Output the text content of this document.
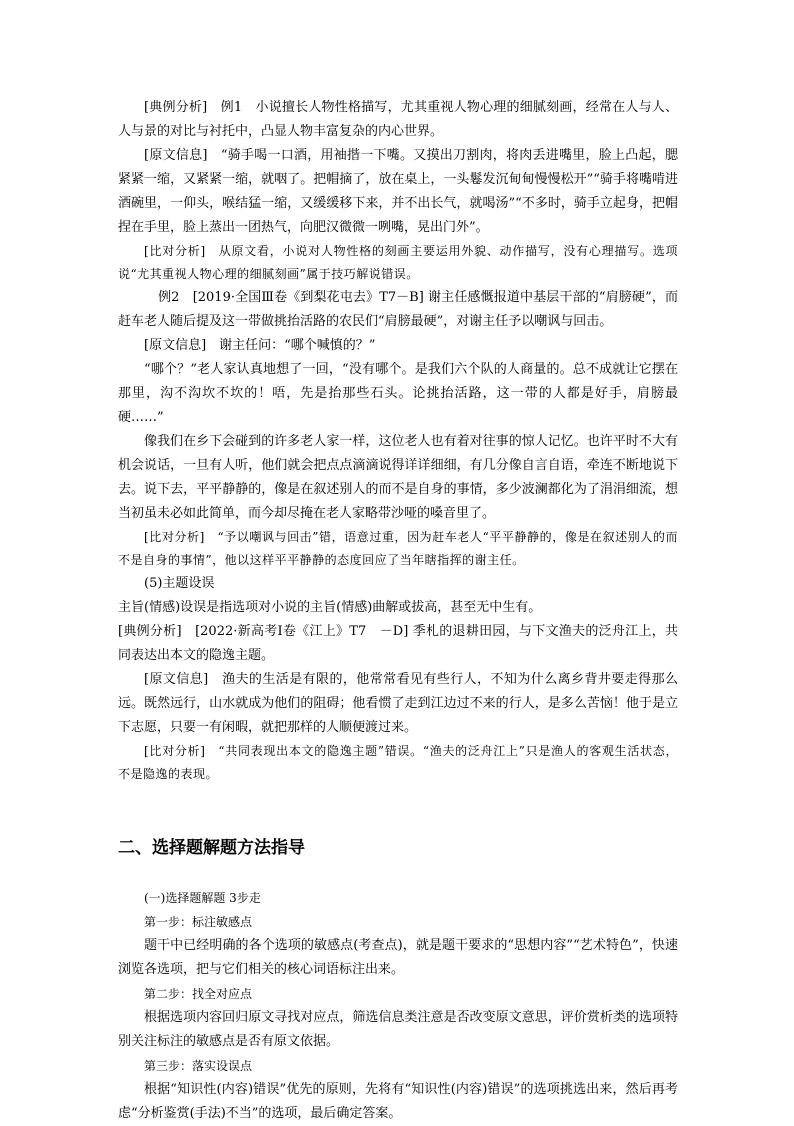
[典例分析]　例1　小说擅长人物性格描写，尤其重视人物心理的细腻刻画，经常在人与人、人与景的对比与衬托中，凸显人物丰富复杂的内心世界。

[原文信息]　“骑手喝一口酒，用袖揩一下嘴。又摸出刀割肉，将肉丢进嘴里，脸上凸起，腮紧紧一缩，又紧紧一缩，就咽了。把帽摘了，放在桌上，一头鬈发沉甸甸慢慢松开”“骑手将嘴啃进酒碗里，一仰头，喉结猛一缩，又缓缓移下来，并不出长气，就喝汤”“不多时，骑手立起身，把帽捏在手里，脸上蒸出一团热气，向肥汉微微一咧嘴，晃出门外”。

[比对分析]　从原文看，小说对人物性格的刻画主要运用外貌、动作描写，没有心理描写。选项说“尤其重视人物心理的细腻刻画”属于技巧解说错误。

例2　[2019·全国Ⅲ卷《到梨花屯去》T7－B] 谢主任感慨报道中基层干部的“肩膀硬”，而赶车老人随后提及这一带做挑抬活路的农民们“肩膀最硬”，对谢主任予以嘲讽与回击。

[原文信息]　谢主任问：“哪个喊慎的？”

“哪个？”老人家认真地想了一回，“没有哪个。是我们六个队的人商量的。总不成就让它摆在那里，沟不沟坎不坎的！唔，先是抬那些石头。论挑抬活路，这一带的人都是好手，肩膀最硬……”

像我们在乡下会碰到的许多老人家一样，这位老人也有着对往事的惊人记忆。也许平时不大有机会说话，一旦有人听，他们就会把点点滴滴说得详详细细，有几分像自言自语，牵连不断地说下去。说下去，平平静静的，像是在叙述别人的而不是自身的事情，多少波澜都化为了涓涓细流，想当初虽未必如此简单，而今却尽掩在老人家略带沙哑的嗓音里了。

[比对分析]　“予以嘲讽与回击”错，语意过重，因为赶车老人“平平静静的，像是在叙述别人的而不是自身的事情”，他以这样平平静静的态度回应了当年瞎指挥的谢主任。

(5)主题设误

主旨(情感)设误是指选项对小说的主旨(情感)曲解或拔高，甚至无中生有。

[典例分析]　[2022·新高考Ⅰ卷《江上》T7　－D] 季札的退耕田园，与下文渔夫的泛舟江上，共同表达出本文的隐逸主题。

[原文信息]　渔夫的生活是有限的，他常常看见有些行人，不知为什么离乡背井要走得那么远。既然远行，山水就成为他们的阻碍；他看惯了走到江边过不来的行人，是多么苦恼！他于是立下志愿，只要一有闲暇，就把那样的人顺便渡过来。

[比对分析]　“共同表现出本文的隐逸主题”错误。“渔夫的泛舟江上”只是渔人的客观生活状态，不是隐逸的表现。

二、选择题解题方法指导

(一)选择题解题 3步走

第一步：标注敏感点

题干中已经明确的各个选项的敏感点(考查点)，就是题干要求的“思想内容”“艺术特色”，快速浏览各选项，把与它们相关的核心词语标注出来。

第二步：找全对应点

根据选项内容回归原文寻找对应点，筛选信息类注意是否改变原文意思，评价赏析类的选项特别关注标注的敏感点是否有原文依据。

第三步：落实设误点

根据“知识性(内容)错误”优先的原则，先将有“知识性(内容)错误”的选项挑选出来，然后再考虑“分析鉴赏(手法)不当”的选项，最后确定答案。
